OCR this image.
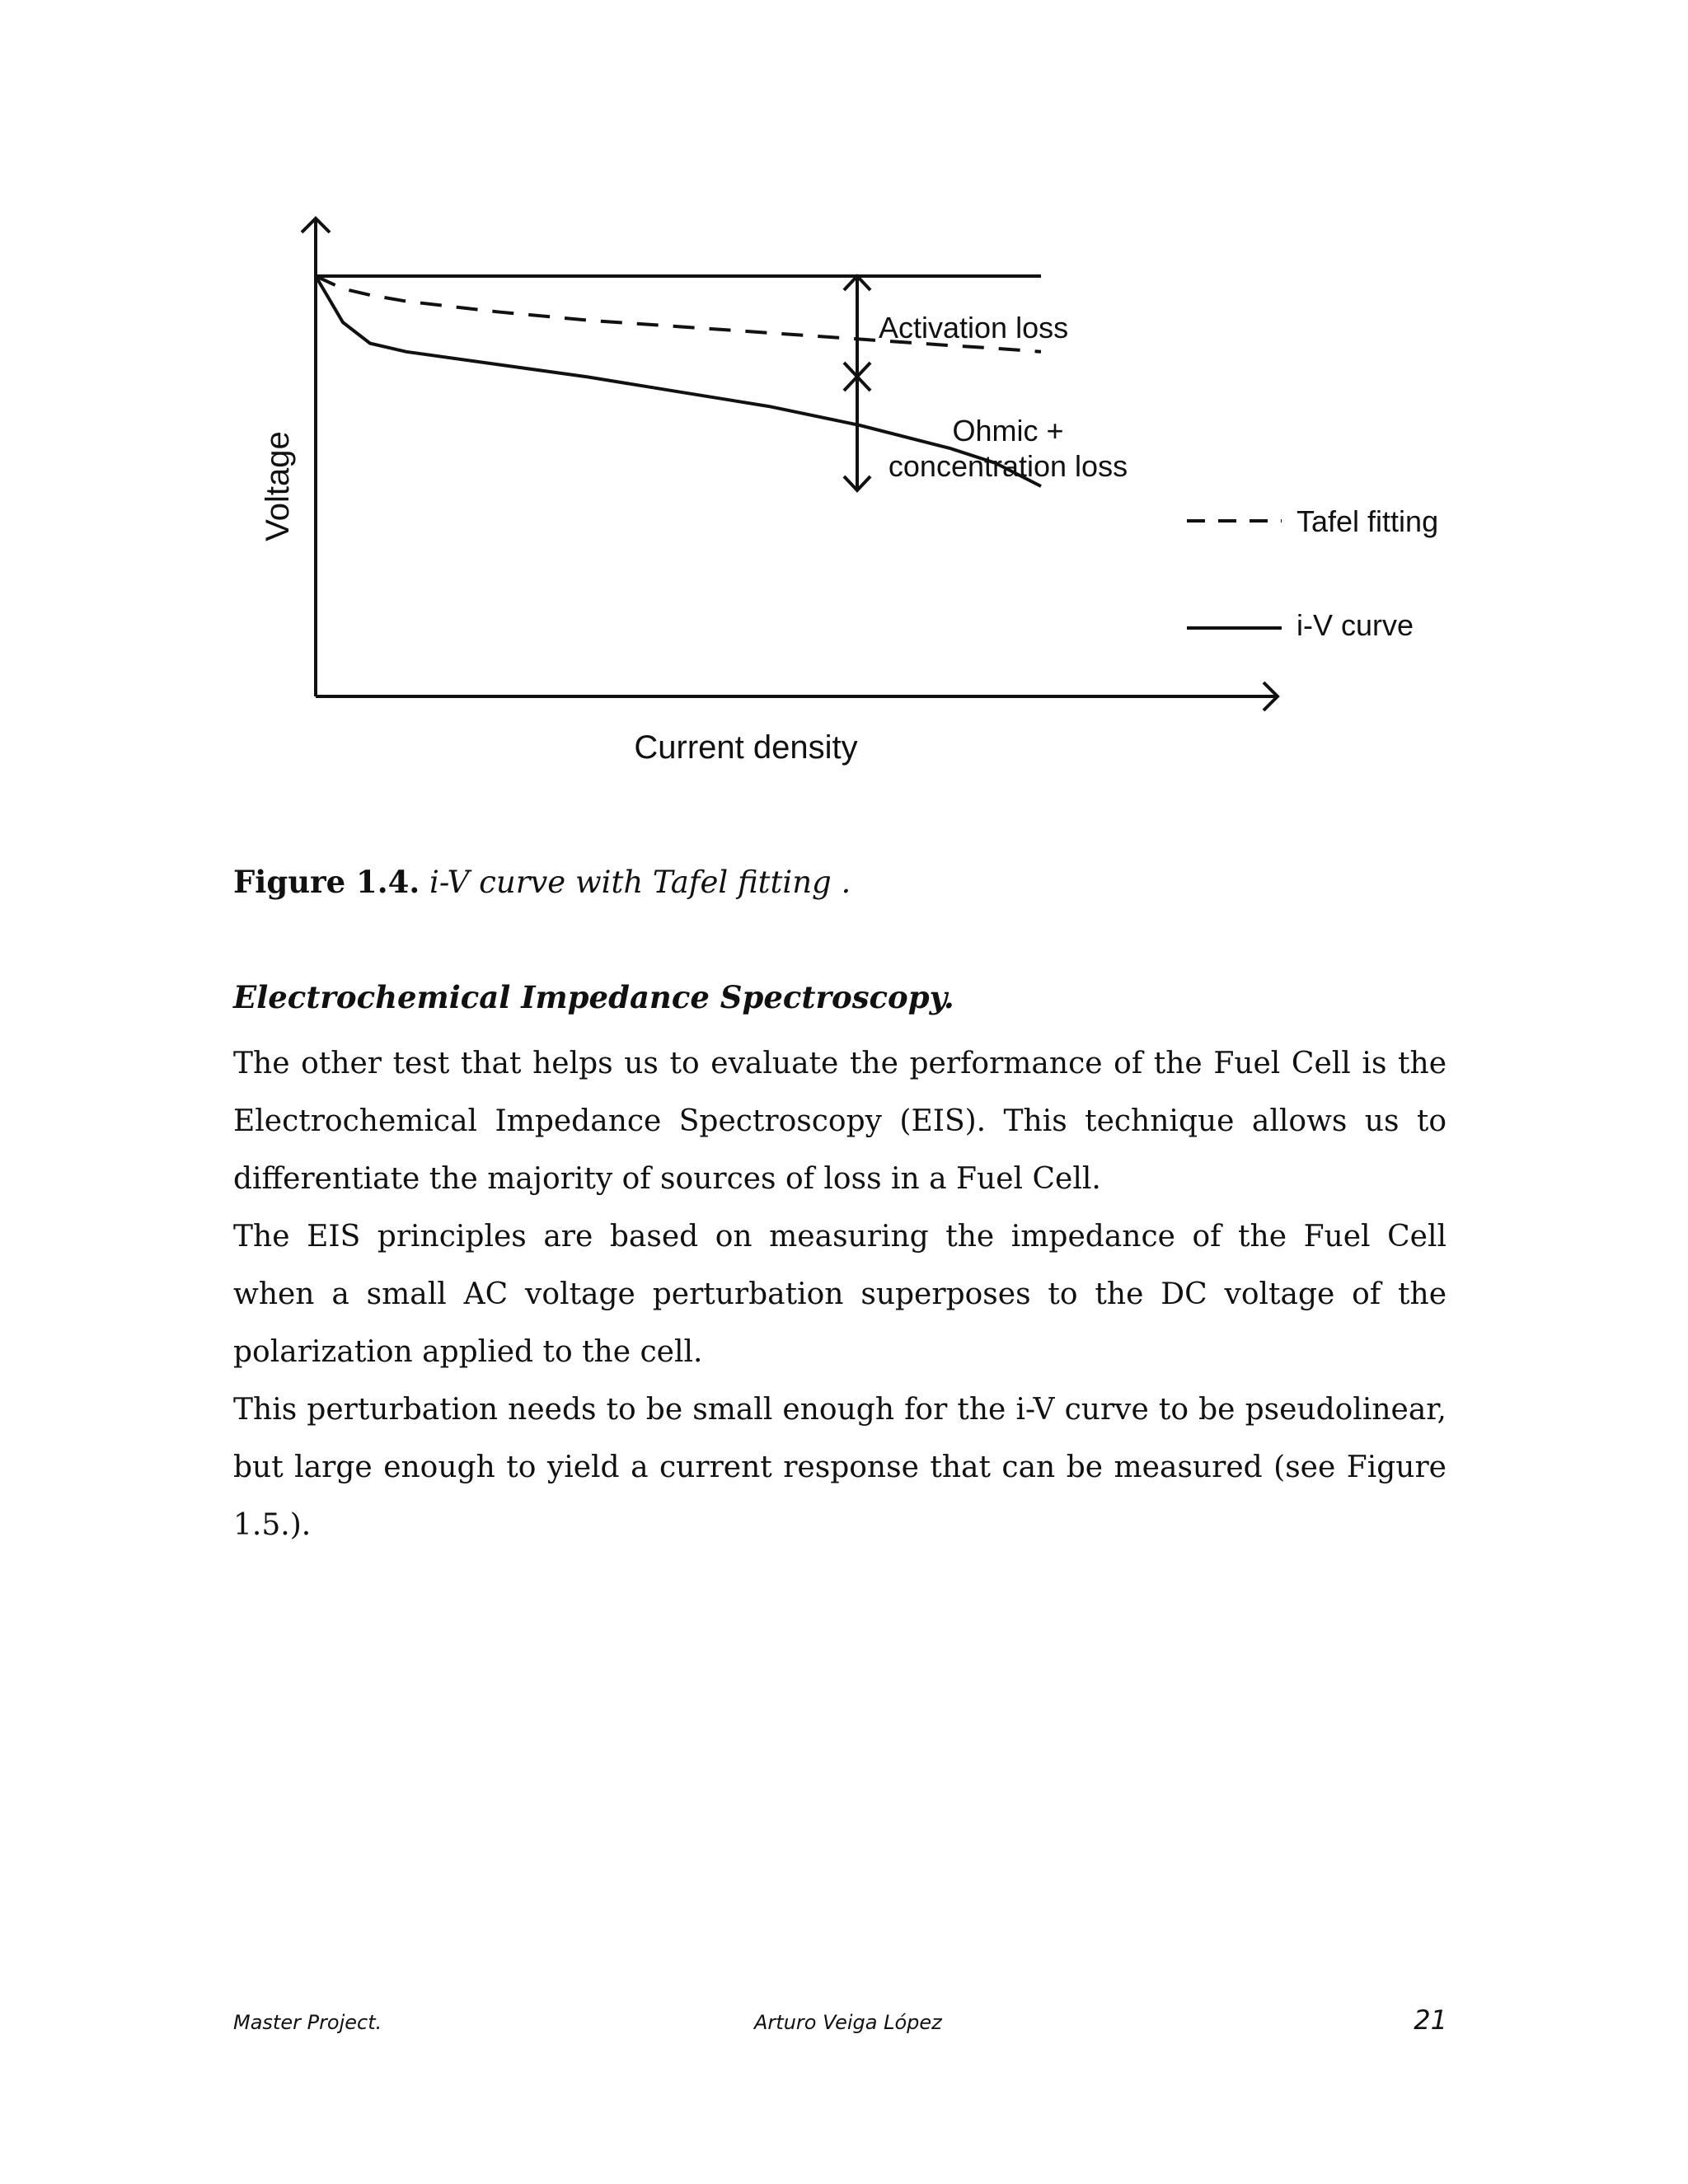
Activation loss
Ohmic +
concentration loss
Tafel fitting
i-V curve
Current density
Voltage
Figure 1.4. i-V curve with Tafel fitting .
Electrochemical Impedance Spectroscopy.

The other test that helps us to evaluate the performance of the Fuel Cell is the Electrochemical Impedance Spectroscopy (EIS). This technique allows us to differentiate the majority of sources of loss in a Fuel Cell.

The EIS principles are based on measuring the impedance of the Fuel Cell when a small AC voltage perturbation superposes to the DC voltage of the polarization applied to the cell.

This perturbation needs to be small enough for the i-V curve to be pseudolinear, but large enough to yield a current response that can be measured (see Figure 1.5.).

Master Project.	Arturo Veiga López	21
